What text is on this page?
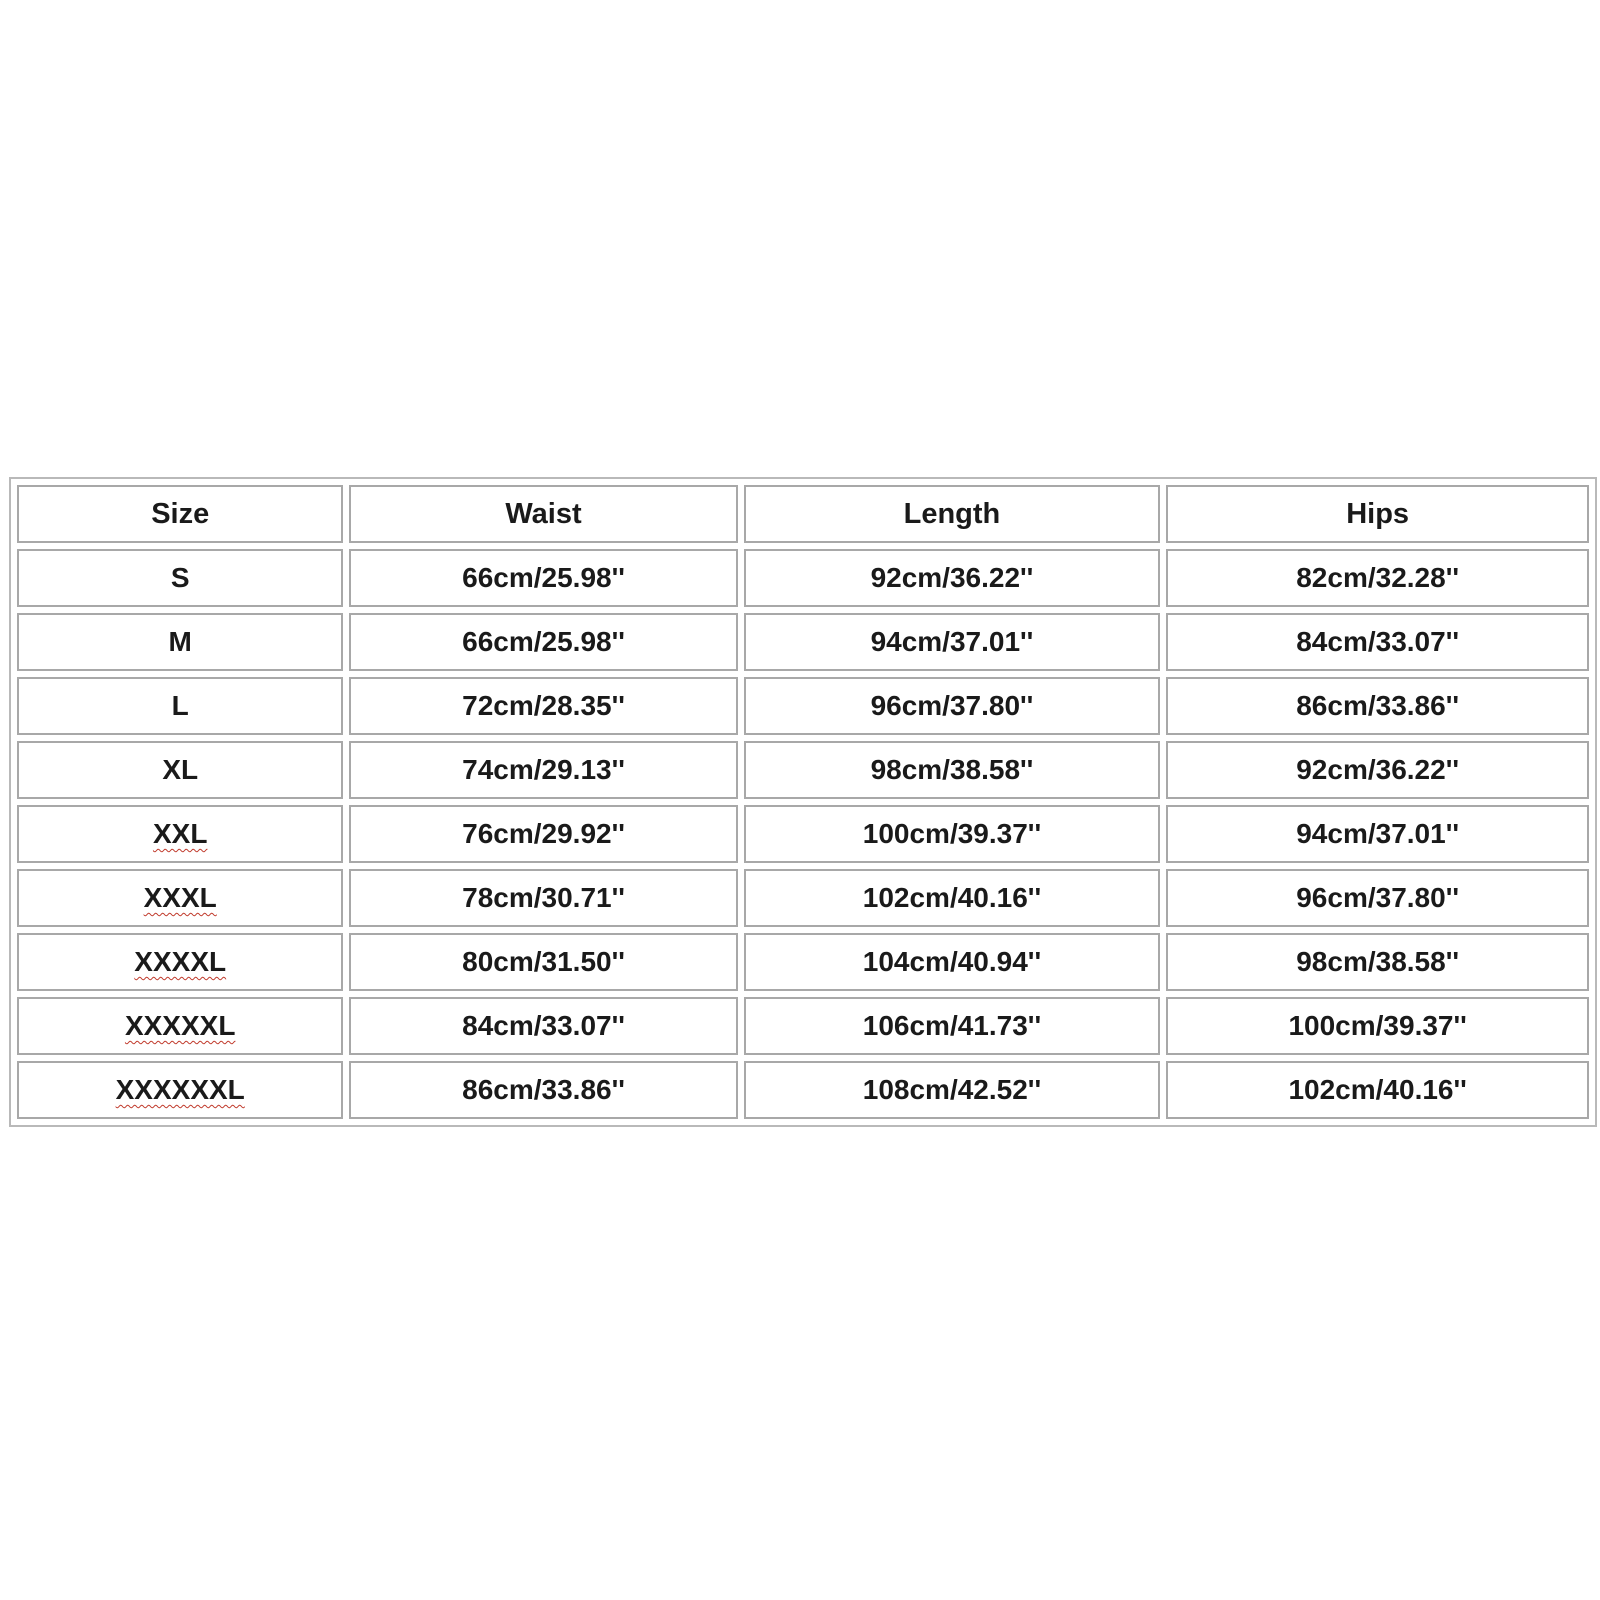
Size	Waist	Length	Hips
S	66cm/25.98''	92cm/36.22''	82cm/32.28''
M	66cm/25.98''	94cm/37.01''	84cm/33.07''
L	72cm/28.35''	96cm/37.80''	86cm/33.86''
XL	74cm/29.13''	98cm/38.58''	92cm/36.22''
XXL	76cm/29.92''	100cm/39.37''	94cm/37.01''
XXXL	78cm/30.71''	102cm/40.16''	96cm/37.80''
XXXXL	80cm/31.50''	104cm/40.94''	98cm/38.58''
XXXXXL	84cm/33.07''	106cm/41.73''	100cm/39.37''
XXXXXXL	86cm/33.86''	108cm/42.52''	102cm/40.16''
